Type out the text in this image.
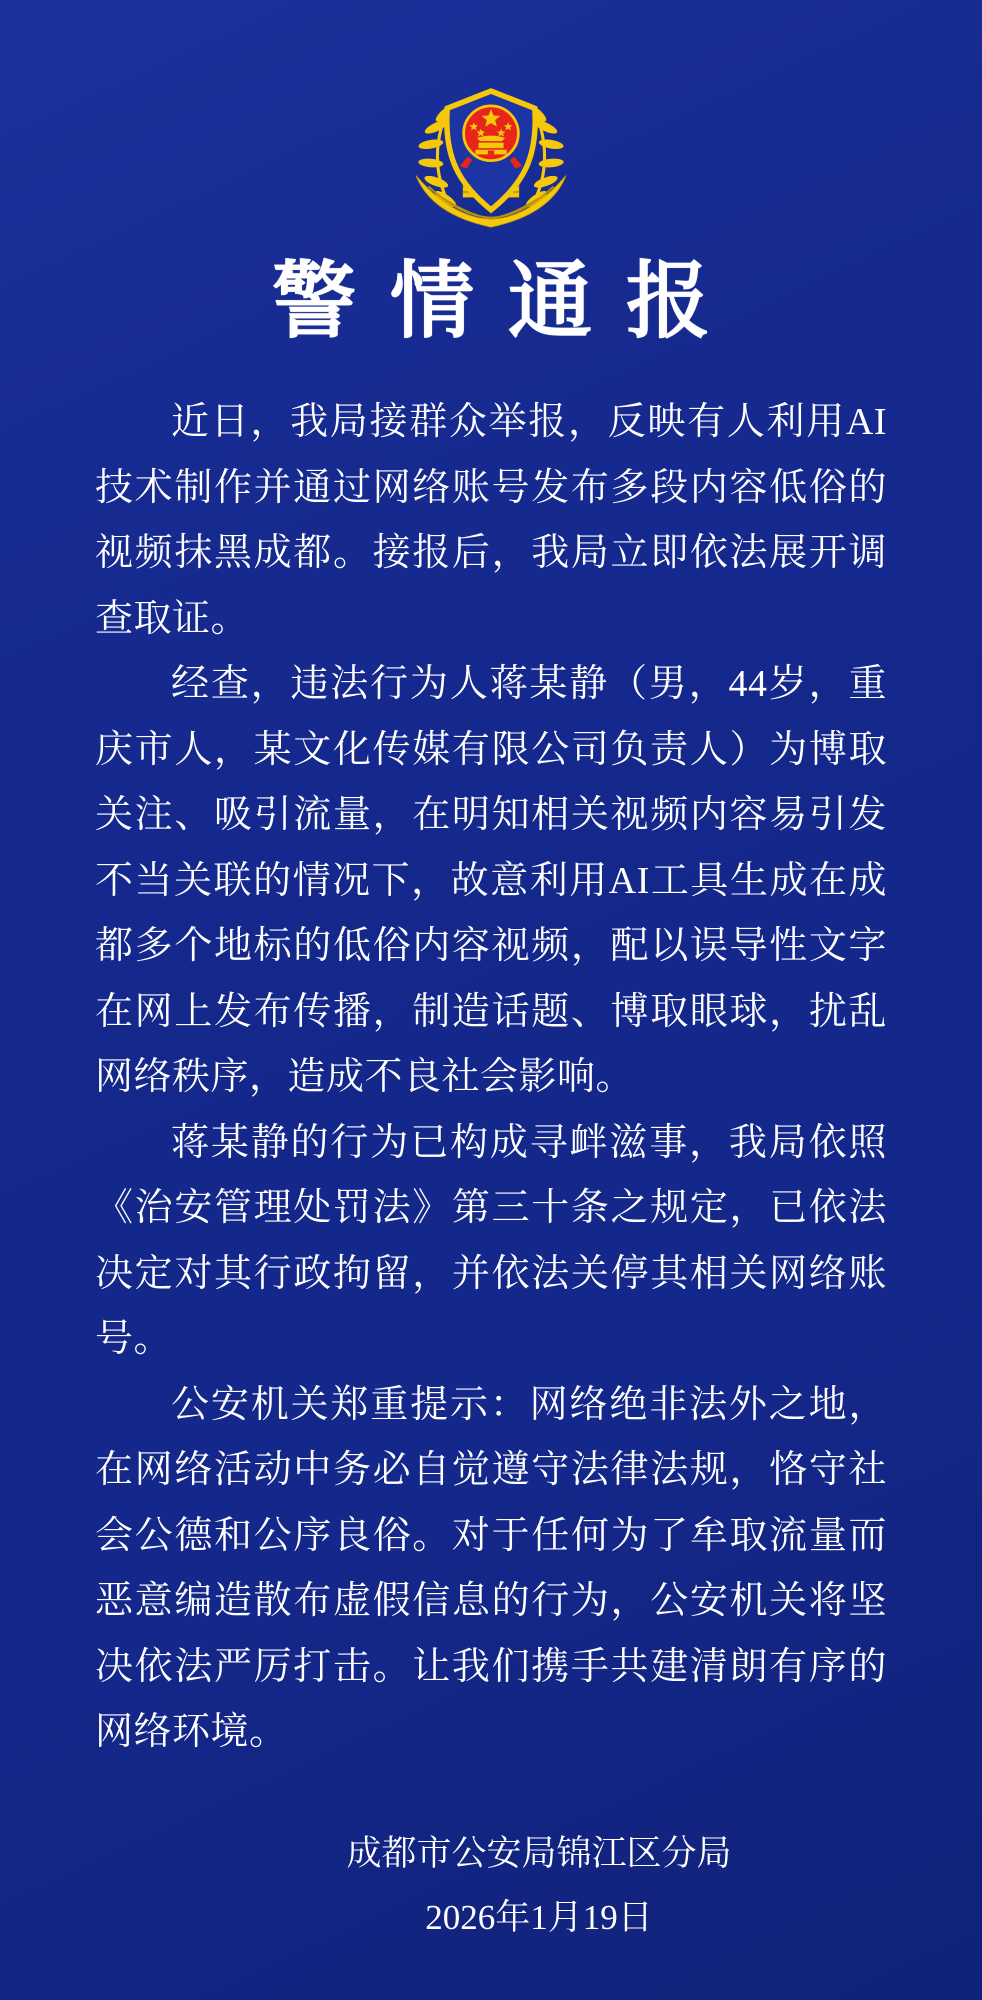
警情通报

近日，我局接群众举报，反映有人利用AI技术制作并通过网络账号发布多段内容低俗的视频抹黑成都。接报后，我局立即依法展开调查取证。

经查，违法行为人蒋某静（男，44岁，重庆市人，某文化传媒有限公司负责人）为博取关注、吸引流量，在明知相关视频内容易引发不当关联的情况下，故意利用AI工具生成在成都多个地标的低俗内容视频，配以误导性文字在网上发布传播，制造话题、博取眼球，扰乱网络秩序，造成不良社会影响。

蒋某静的行为已构成寻衅滋事，我局依照《治安管理处罚法》第三十条之规定，已依法决定对其行政拘留，并依法关停其相关网络账号。

公安机关郑重提示：网络绝非法外之地，在网络活动中务必自觉遵守法律法规，恪守社会公德和公序良俗。对于任何为了牟取流量而恶意编造散布虚假信息的行为，公安机关将坚决依法严厉打击。让我们携手共建清朗有序的网络环境。

成都市公安局锦江区分局

2026年1月19日
